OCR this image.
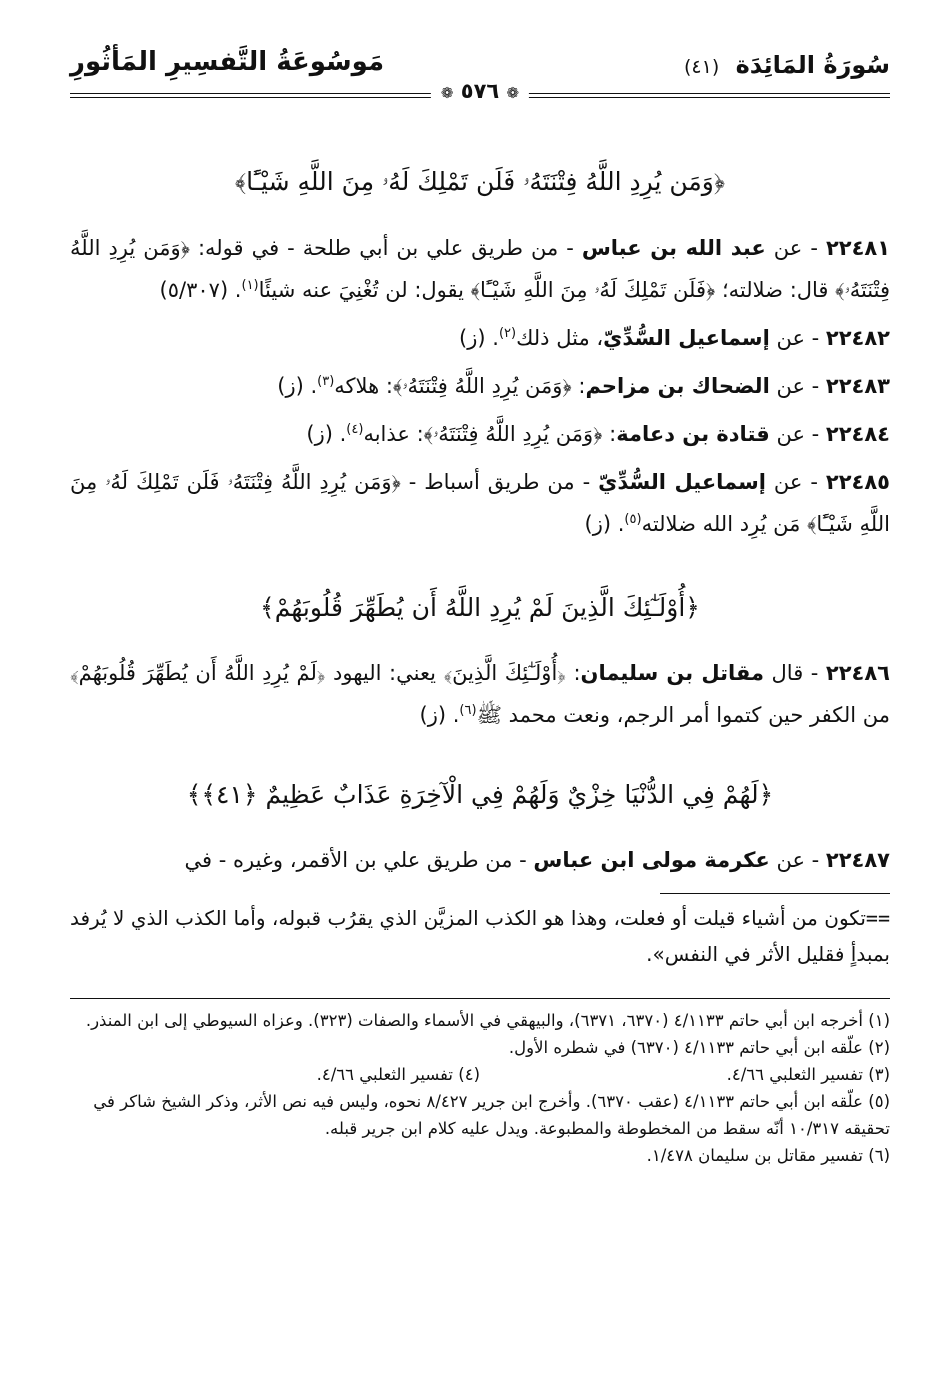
سُورَةُ المَائِدَة (٤١)
مَوسُوعَةُ التَّفسِيرِ المَأثُورِ
❁ ٥٧٦ ❁
﴿وَمَن يُرِدِ اللَّهُ فِتْنَتَهُۥ فَلَن تَمْلِكَ لَهُۥ مِنَ اللَّهِ شَيْـًٔا﴾
٢٢٤٨١ - عن عبد الله بن عباس - من طريق علي بن أبي طلحة - في قوله: ﴿وَمَن يُرِدِ اللَّهُ فِتْنَتَهُۥ﴾ قال: ضلالته؛ ﴿فَلَن تَمْلِكَ لَهُۥ مِنَ اللَّهِ شَيْـًٔا﴾ يقول: لن تُغْنِيَ عنه شيئًا$^{(١)}$. (٥/٣٠٧)
٢٢٤٨٢ - عن إسماعيل السُّدِّيّ، مثل ذلك$^{(٢)}$. (ز)
٢٢٤٨٣ - عن الضحاك بن مزاحم: ﴿وَمَن يُرِدِ اللَّهُ فِتْنَتَهُۥ﴾: هلاكه$^{(٣)}$. (ز)
٢٢٤٨٤ - عن قتادة بن دعامة: ﴿وَمَن يُرِدِ اللَّهُ فِتْنَتَهُۥ﴾: عذابه$^{(٤)}$. (ز)
٢٢٤٨٥ - عن إسماعيل السُّدِّيّ - من طريق أسباط - ﴿وَمَن يُرِدِ اللَّهُ فِتْنَتَهُۥ فَلَن تَمْلِكَ لَهُۥ مِنَ اللَّهِ شَيْـًٔا﴾ مَن يُرِد الله ضلالته$^{(٥)}$. (ز)
﴿أُوْلَـٰٓئِكَ الَّذِينَ لَمْ يُرِدِ اللَّهُ أَن يُطَهِّرَ قُلُوبَهُمْ﴾
٢٢٤٨٦ - قال مقاتل بن سليمان: ﴿أُوْلَـٰٓئِكَ الَّذِينَ﴾ يعني: اليهود ﴿لَمْ يُرِدِ اللَّهُ أَن يُطَهِّرَ قُلُوبَهُمْ﴾ من الكفر حين كتموا أمر الرجم، ونعت محمد ﷺ$^{(٦)}$. (ز)
﴿لَهُمْ فِي الدُّنْيَا خِزْيٌ وَلَهُمْ فِي الْآخِرَةِ عَذَابٌ عَظِيمٌ ﴿٤١﴾﴾
٢٢٤٨٧ - عن عكرمة مولى ابن عباس - من طريق علي بن الأقمر، وغيره - في
==تكون من أشياء قيلت أو فعلت، وهذا هو الكذب المزيَّن الذي يقرُب قبوله، وأما الكذب الذي لا يُرفد بمبدأٍ فقليل الأثر في النفس».
(١) أخرجه ابن أبي حاتم ٤/١١٣٣ (٦٣٧٠، ٦٣٧١)، والبيهقي في الأسماء والصفات (٣٢٣). وعزاه السيوطي إلى ابن المنذر.
(٢) علّقه ابن أبي حاتم ٤/١١٣٣ (٦٣٧٠) في شطره الأول.
(٣) تفسير الثعلبي ٤/٦٦.
(٤) تفسير الثعلبي ٤/٦٦.
(٥) علّقه ابن أبي حاتم ٤/١١٣٣ (عقب ٦٣٧٠). وأخرج ابن جرير ٨/٤٢٧ نحوه، وليس فيه نص الأثر، وذكر الشيخ شاكر في تحقيقه ١٠/٣١٧ أنّه سقط من المخطوطة والمطبوعة. ويدل عليه كلام ابن جرير قبله.
(٦) تفسير مقاتل بن سليمان ١/٤٧٨.
